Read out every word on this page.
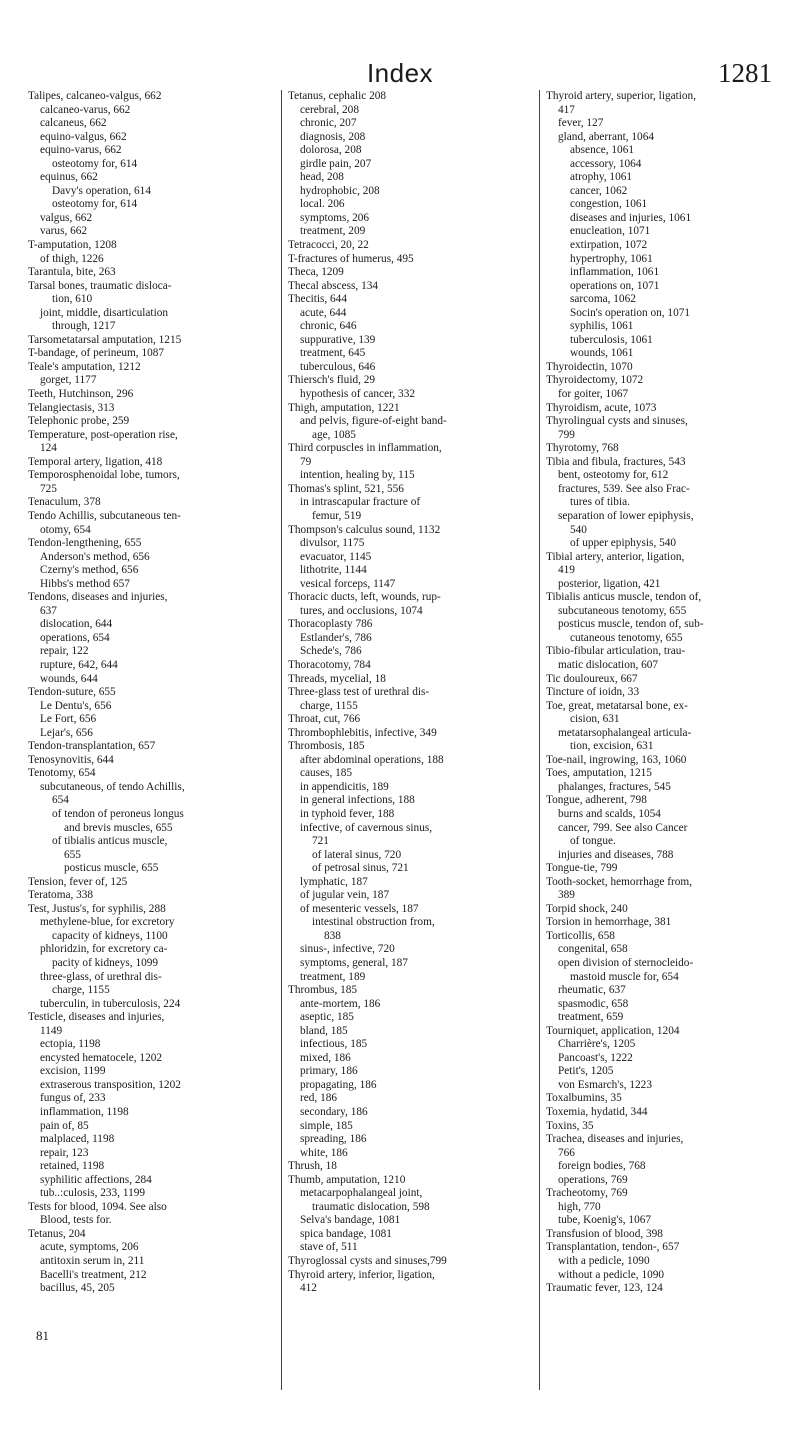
Index	1281
Talipes, calcaneo-valgus, 662
calcaneo-varus, 662
calcaneus, 662
equino-valgus, 662
equino-varus, 662
osteotomy for, 614
equinus, 662
Davy's operation, 614
osteotomy for, 614
valgus, 662
varus, 662
T-amputation, 1208
of thigh, 1226
Tarantula, bite, 263
Tarsal bones, traumatic disloca-
tion, 610
joint, middle, disarticulation
through, 1217
Tarsometatarsal amputation, 1215
T-bandage, of perineum, 1087
Teale's amputation, 1212
gorget, 1177
Teeth, Hutchinson, 296
Telangiectasis, 313
Telephonic probe, 259
Temperature, post-operation rise,
124
Temporal artery, ligation, 418
Temporosphenoidal lobe, tumors,
725
Tenaculum, 378
Tendo Achillis, subcutaneous ten-
otomy, 654
Tendon-lengthening, 655
Anderson's method, 656
Czerny's method, 656
Hibbs's method 657
Tendons, diseases and injuries,
637
dislocation, 644
operations, 654
repair, 122
rupture, 642, 644
wounds, 644
Tendon-suture, 655
Le Dentu's, 656
Le Fort, 656
Lejar's, 656
Tendon-transplantation, 657
Tenosynovitis, 644
Tenotomy, 654
subcutaneous, of tendo Achillis,
654
of tendon of peroneus longus
and brevis muscles, 655
of tibialis anticus muscle,
655
posticus muscle, 655
Tension, fever of, 125
Teratoma, 338
Test, Justus's, for syphilis, 288
methylene-blue, for excretory
capacity of kidneys, 1100
phloridzin, for excretory ca-
pacity of kidneys, 1099
three-glass, of urethral dis-
charge, 1155
tuberculin, in tuberculosis, 224
Testicle, diseases and injuries,
1149
ectopia, 1198
encysted hematocele, 1202
excision, 1199
extraserous transposition, 1202
fungus of, 233
inflammation, 1198
pain of, 85
malplaced, 1198
repair, 123
retained, 1198
syphilitic affections, 284
tub..:culosis, 233, 1199
Tests for blood, 1094. See also
Blood, tests for.
Tetanus, 204
acute, symptoms, 206
antitoxin serum in, 211
Bacelli's treatment, 212
bacillus, 45, 205
Tetanus, cephalic 208
cerebral, 208
chronic, 207
diagnosis, 208
dolorosa, 208
girdle pain, 207
head, 208
hydrophobic, 208
local. 206
symptoms, 206
treatment, 209
Tetracocci, 20, 22
T-fractures of humerus, 495
Theca, 1209
Thecal abscess, 134
Thecitis, 644
acute, 644
chronic, 646
suppurative, 139
treatment, 645
tuberculous, 646
Thiersch's fluid, 29
hypothesis of cancer, 332
Thigh, amputation, 1221
and pelvis, figure-of-eight band-
age, 1085
Third corpuscles in inflammation,
79
intention, healing by, 115
Thomas's splint, 521, 556
in intrascapular fracture of
femur, 519
Thompson's calculus sound, 1132
divulsor, 1175
evacuator, 1145
lithotrite, 1144
vesical forceps, 1147
Thoracic ducts, left, wounds, rup-
tures, and occlusions, 1074
Thoracoplasty 786
Estlander's, 786
Schede's, 786
Thoracotomy, 784
Threads, mycelial, 18
Three-glass test of urethral dis-
charge, 1155
Throat, cut, 766
Thrombophlebitis, infective, 349
Thrombosis, 185
after abdominal operations, 188
causes, 185
in appendicitis, 189
in general infections, 188
in typhoid fever, 188
infective, of cavernous sinus,
721
of lateral sinus, 720
of petrosal sinus, 721
lymphatic, 187
of jugular vein, 187
of mesenteric vessels, 187
intestinal obstruction from,
838
sinus-, infective, 720
symptoms, general, 187
treatment, 189
Thrombus, 185
ante-mortem, 186
aseptic, 185
bland, 185
infectious, 185
mixed, 186
primary, 186
propagating, 186
red, 186
secondary, 186
simple, 185
spreading, 186
white, 186
Thrush, 18
Thumb, amputation, 1210
metacarpophalangeal joint,
traumatic dislocation, 598
Selva's bandage, 1081
spica bandage, 1081
stave of, 511
Thyroglossal cysts and sinuses,799
Thyroid artery, inferior, ligation,
412
Thyroid artery, superior, ligation,
417
fever, 127
gland, aberrant, 1064
absence, 1061
accessory, 1064
atrophy, 1061
cancer, 1062
congestion, 1061
diseases and injuries, 1061
enucleation, 1071
extirpation, 1072
hypertrophy, 1061
inflammation, 1061
operations on, 1071
sarcoma, 1062
Socin's operation on, 1071
syphilis, 1061
tuberculosis, 1061
wounds, 1061
Thyroidectin, 1070
Thyroidectomy, 1072
for goiter, 1067
Thyroidism, acute, 1073
Thyrolingual cysts and sinuses,
799
Thyrotomy, 768
Tibia and fibula, fractures, 543
bent, osteotomy for, 612
fractures, 539. See also Frac-
tures of tibia.
separation of lower epiphysis,
540
of upper epiphysis, 540
Tibial artery, anterior, ligation,
419
posterior, ligation, 421
Tibialis anticus muscle, tendon of,
subcutaneous tenotomy, 655
posticus muscle, tendon of, sub-
cutaneous tenotomy, 655
Tibio-fibular articulation, trau-
matic dislocation, 607
Tic douloureux, 667
Tincture of ioidn, 33
Toe, great, metatarsal bone, ex-
cision, 631
metatarsophalangeal articula-
tion, excision, 631
Toe-nail, ingrowing, 163, 1060
Toes, amputation, 1215
phalanges, fractures, 545
Tongue, adherent, 798
burns and scalds, 1054
cancer, 799. See also Cancer
of tongue.
injuries and diseases, 788
Tongue-tie, 799
Tooth-socket, hemorrhage from,
389
Torpid shock, 240
Torsion in hemorrhage, 381
Torticollis, 658
congenital, 658
open division of sternocleido-
mastoid muscle for, 654
rheumatic, 637
spasmodic, 658
treatment, 659
Tourniquet, application, 1204
Charrière's, 1205
Pancoast's, 1222
Petit's, 1205
von Esmarch's, 1223
Toxalbumins, 35
Toxemia, hydatid, 344
Toxins, 35
Trachea, diseases and injuries,
766
foreign bodies, 768
operations, 769
Tracheotomy, 769
high, 770
tube, Koenig's, 1067
Transfusion of blood, 398
Transplantation, tendon-, 657
with a pedicle, 1090
without a pedicle, 1090
Traumatic fever, 123, 124
81
